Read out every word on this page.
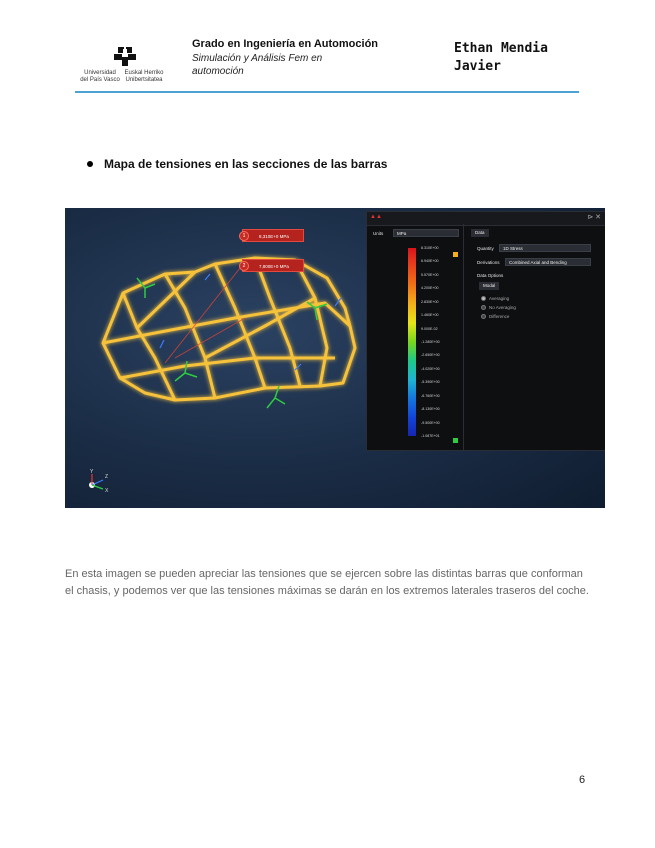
Universidad del País Vasco
Euskal Herriko Unibertsitatea
Grado en Ingeniería en Automoción
Simulación y Análisis Fem en automoción
Ethan Mendia Javier
Mapa de tensiones en las secciones de las barras
Y
Z
X
1	8,310E+0 MPa
2	7,800E+0 MPa
▲▲	⊳ ✕
Units	MPa
8.310E+00
6.940E+00
5.570E+00
4.200E+00
2.830E+00
1.460E+00
9.000E-02
-1.280E+00
-2.650E+00
-4.020E+00
-5.390E+00
-6.760E+00
-8.130E+00
-9.500E+00
-1.087E+01
Data
Quantity	1D Stress
Derivations	Combined Axial and Bending
Data Options
Modal
Averaging
No Averaging
Difference
En esta imagen se pueden apreciar las tensiones que se ejercen sobre las distintas barras que conforman el chasis, y podemos ver que las tensiones máximas se darán en los extremos laterales traseros del coche.
6
